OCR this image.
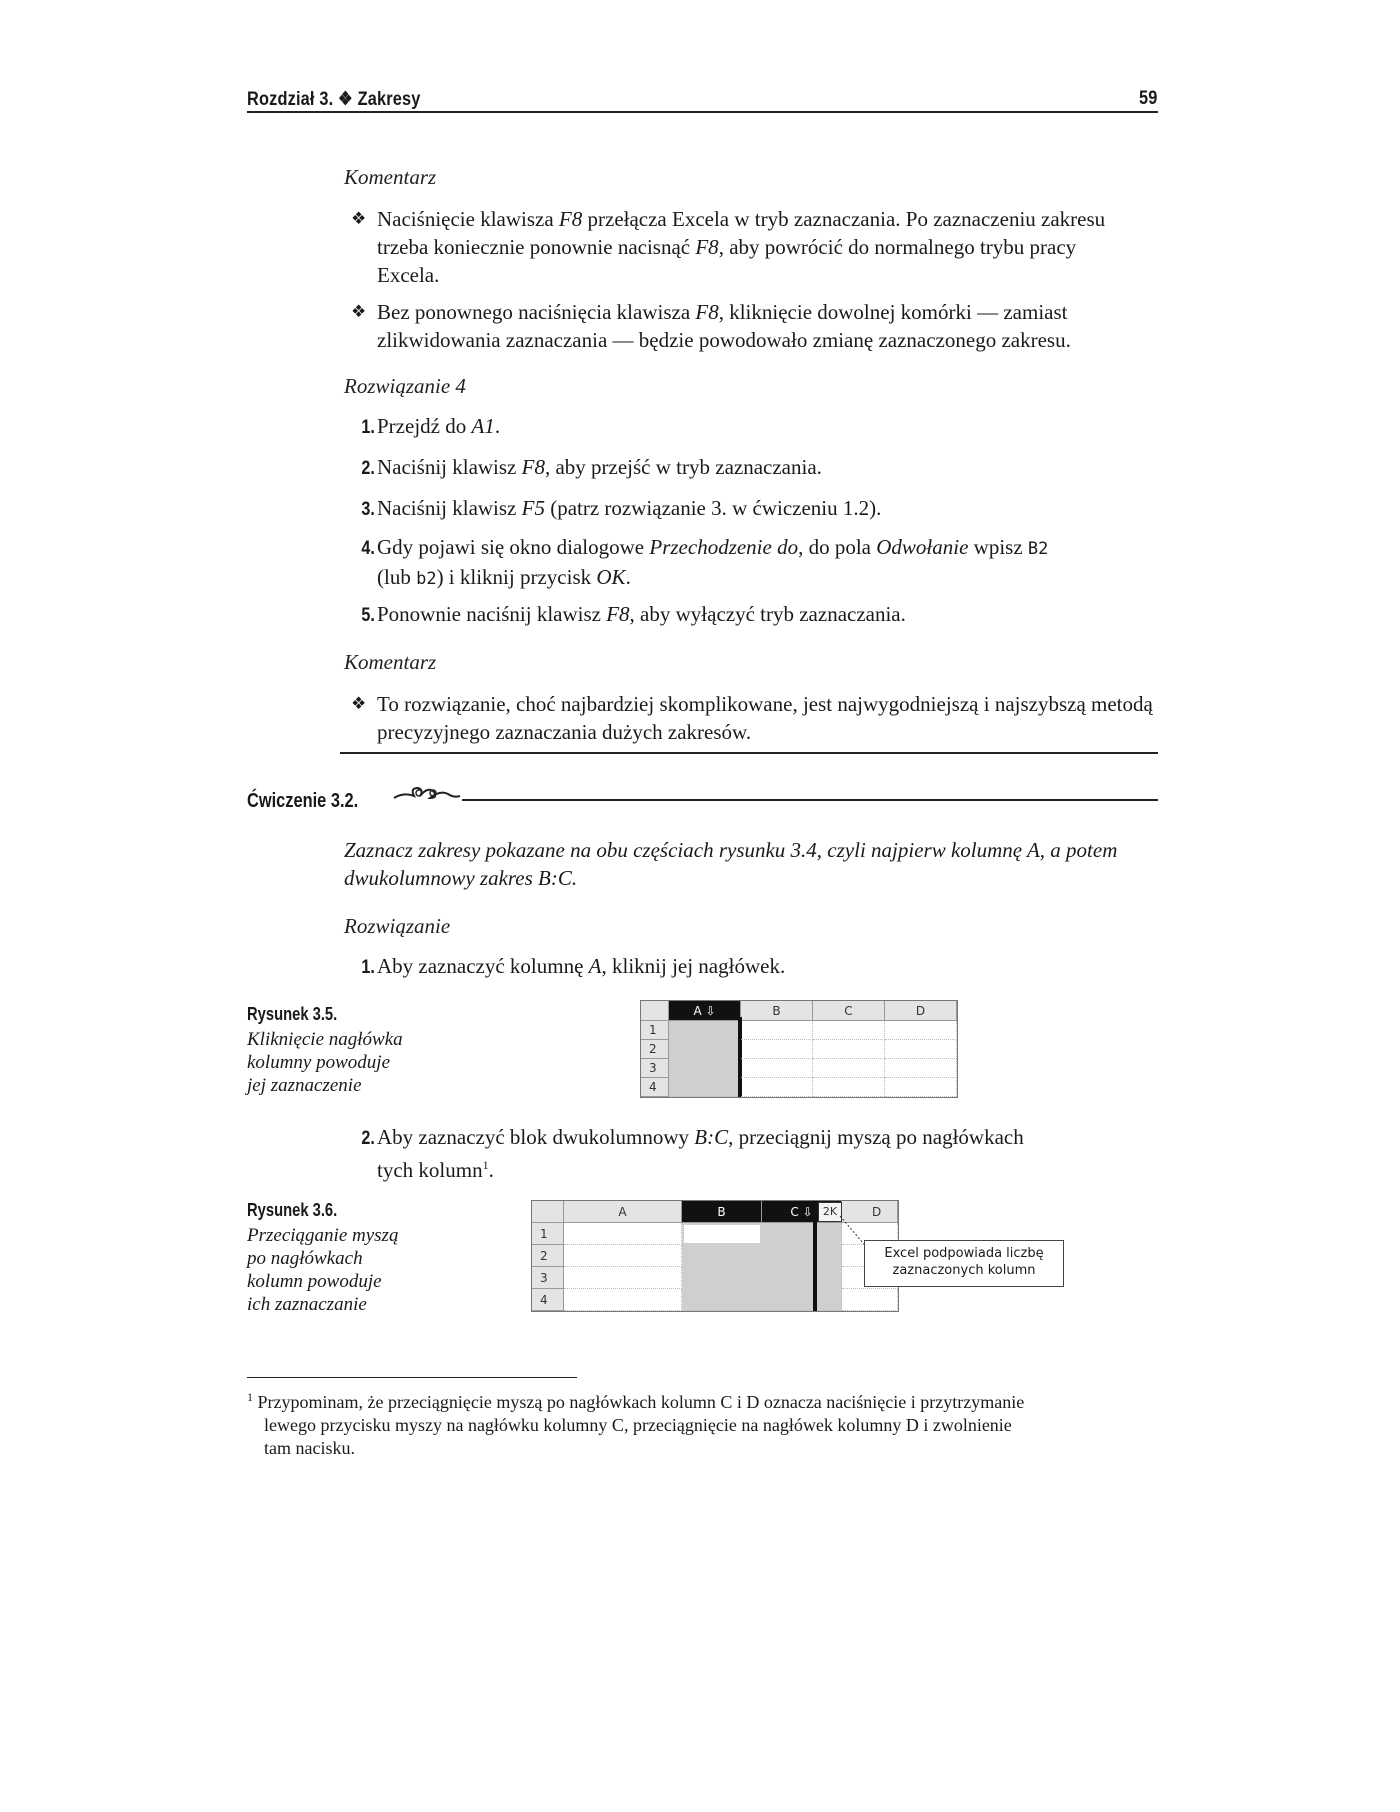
Rozdział 3. ❖ Zakresy	59
Komentarz
❖ Naciśnięcie klawisza F8 przełącza Excela w tryb zaznaczania. Po zaznaczeniu zakresu trzeba koniecznie ponownie nacisnąć F8, aby powrócić do normalnego trybu pracy Excela.
❖ Bez ponownego naciśnięcia klawisza F8, kliknięcie dowolnej komórki — zamiast zlikwidowania zaznaczania — będzie powodowało zmianę zaznaczonego zakresu.
Rozwiązanie 4
1. Przejdź do A1.
2. Naciśnij klawisz F8, aby przejść w tryb zaznaczania.
3. Naciśnij klawisz F5 (patrz rozwiązanie 3. w ćwiczeniu 1.2).
4. Gdy pojawi się okno dialogowe Przechodzenie do, do pola Odwołanie wpisz B2
(lub b2) i kliknij przycisk OK.
5. Ponownie naciśnij klawisz F8, aby wyłączyć tryb zaznaczania.
Komentarz
❖ To rozwiązanie, choć najbardziej skomplikowane, jest najwygodniejszą i najszybszą metodą precyzyjnego zaznaczania dużych zakresów.
Ćwiczenie 3.2.
Zaznacz zakresy pokazane na obu częściach rysunku 3.4, czyli najpierw kolumnę A, a potem
dwukolumnowy zakres B:C.
Rozwiązanie
1. Aby zaznaczyć kolumnę A, kliknij jej nagłówek.
Rysunek 3.5.
Kliknięcie nagłówka
kolumny powoduje
jej zaznaczenie
A ⇩	B	C	D
1
2
3
4
2. Aby zaznaczyć blok dwukolumnowy B:C, przeciągnij myszą po nagłówkach
tych kolumn$^1$.
Rysunek 3.6.
Przeciąganie myszą
po nagłówkach
kolumn powoduje
ich zaznaczanie
A	B	C ⇩	D
2K
1
2
3
4
Excel podpowiada liczbę
zaznaczonych kolumn
$^1$ Przypominam, że przeciągnięcie myszą po nagłówkach kolumn C i D oznacza naciśnięcie i przytrzymanie
lewego przycisku myszy na nagłówku kolumny C, przeciągnięcie na nagłówek kolumny D i zwolnienie
tam nacisku.
